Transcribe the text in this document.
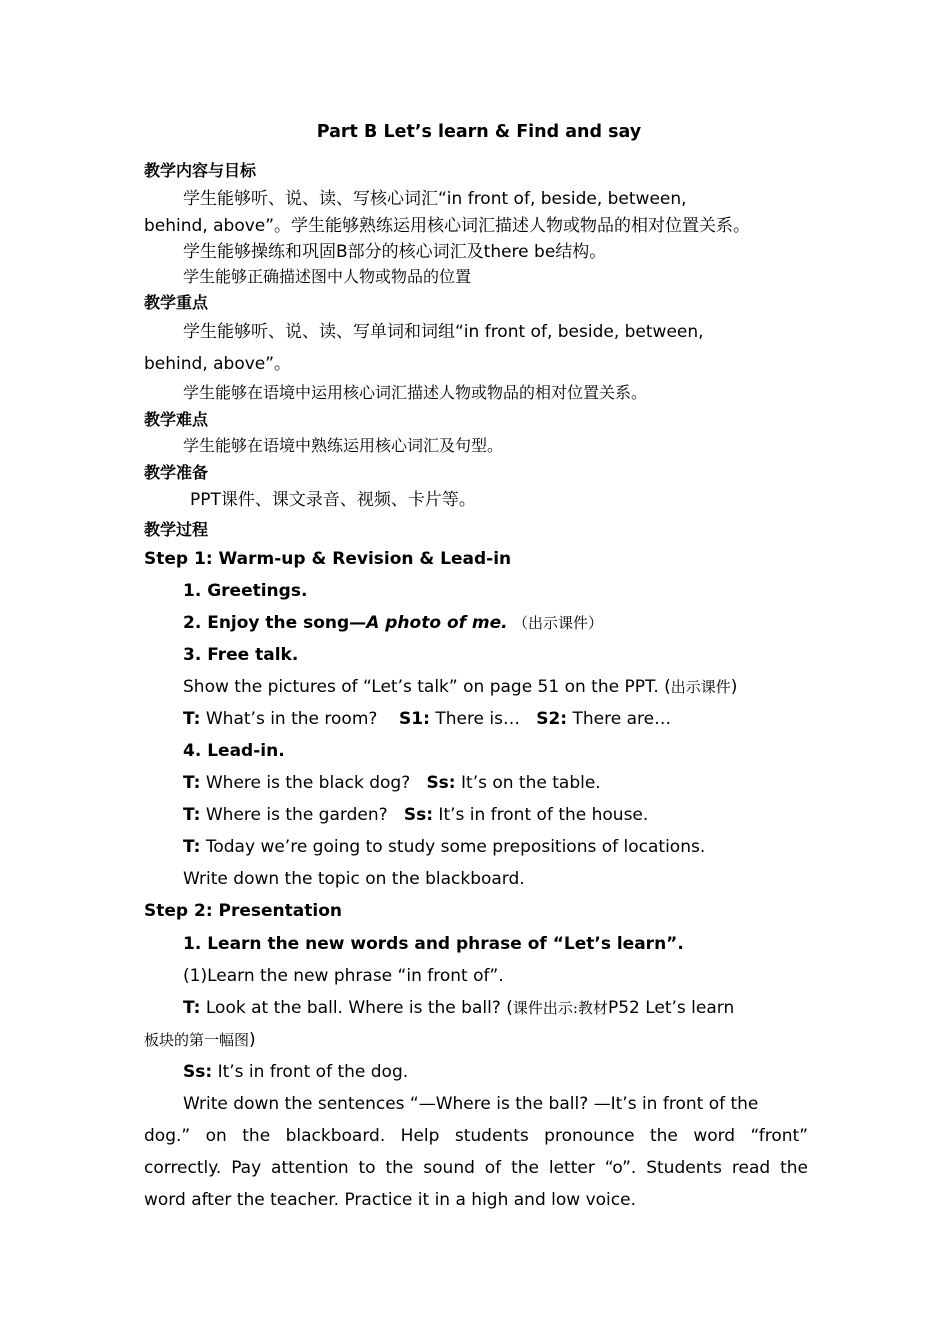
Part B Let’s learn & Find and say
教学内容与目标
学生能够听、说、读、写核心词汇“in front of, beside, between,
behind, above”。学生能够熟练运用核心词汇描述人物或物品的相对位置关系。
学生能够操练和巩固B部分的核心词汇及there be结构。
学生能够正确描述图中人物或物品的位置
教学重点
学生能够听、说、读、写单词和词组“in front of, beside, between,
behind, above”。
学生能够在语境中运用核心词汇描述人物或物品的相对位置关系。
教学难点
学生能够在语境中熟练运用核心词汇及句型。
教学准备
PPT课件、课文录音、视频、卡片等。
教学过程
Step 1: Warm-up & Revision & Lead-in
1. Greetings.
2. Enjoy the song—A photo of me. （出示课件）
3. Free talk.
Show the pictures of “Let’s talk” on page 51 on the PPT. (出示课件)
T: What’s in the room? S1: There is… S2: There are…
4. Lead-in.
T: Where is the black dog? Ss: It’s on the table.
T: Where is the garden? Ss: It’s in front of the house.
T: Today we’re going to study some prepositions of locations.
Write down the topic on the blackboard.
Step 2: Presentation
1. Learn the new words and phrase of “Let’s learn”.
(1)Learn the new phrase “in front of”.
T: Look at the ball. Where is the ball? (课件出示:教材P52 Let’s learn
板块的第一幅图)
Ss: It’s in front of the dog.
Write down the sentences “—Where is the ball? —It’s in front of the
dog.” on the blackboard. Help students pronounce the word “front”
correctly. Pay attention to the sound of the letter “o”. Students read the
word after the teacher. Practice it in a high and low voice.
